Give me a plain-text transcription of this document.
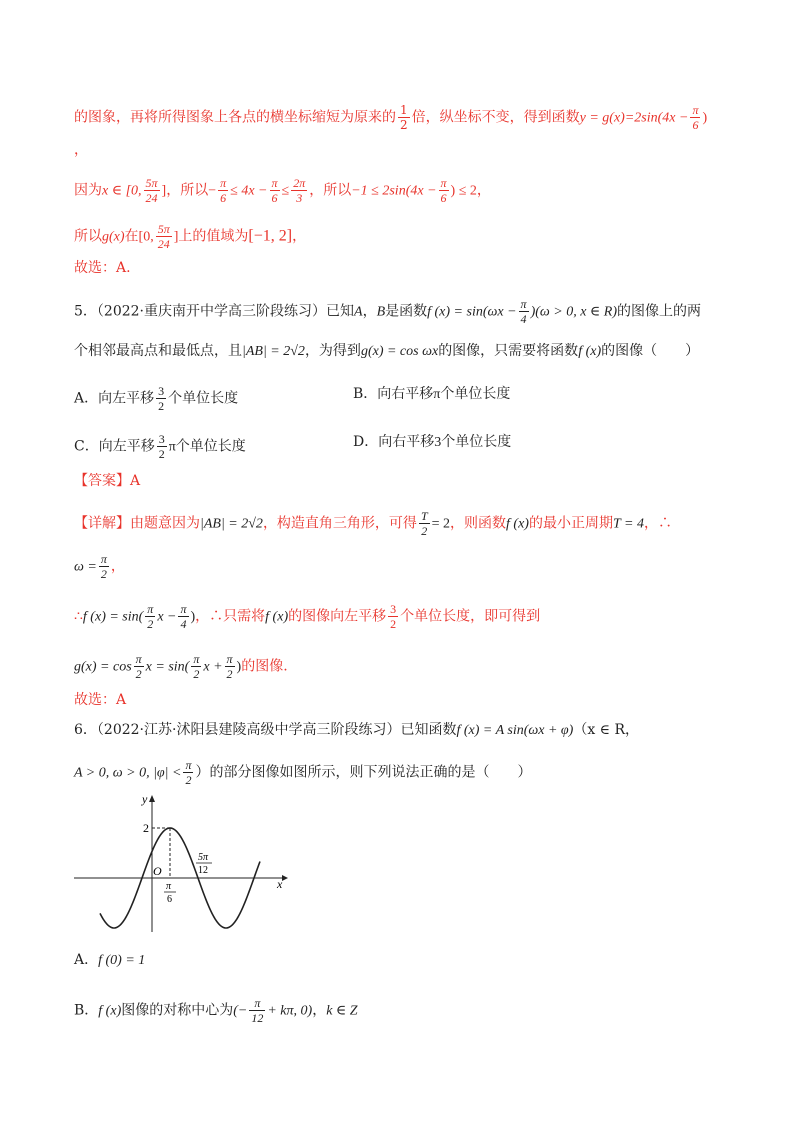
的图象，再将所得图象上各点的横坐标缩短为原来的 $\frac{1}{2}$ 倍，纵坐标不变，得到函数$y = g(x)=2\sin(4x - \frac{\pi}{6}$ )
，
因为x ∈ [0, $\frac{5\pi}{24}$ ]，所以− $\frac{\pi}{6} \le 4x - \frac{\pi}{6} \le \frac{2\pi}{3}$ ，所以$-1 \le 2\sin(4x - \frac{\pi}{6}$ ) ≤ 2，
所以g(x)在[0, $\frac{5\pi}{24}$ ]上的值域为[−1, 2]，
故选：A.
5．（2022·重庆南开中学高三阶段练习）已知A，B是函数f $(x) = \sin(\omega x - \frac{\pi}{4} )(\omega > 0$, x ∈ R)的图像上的两
个相邻最高点和最低点，且|AB| = 2√2，为得到g(x) = cos ωx的图像，只需要将函数f (x)的图像（　　）
A．向左平移 $\frac{3}{2}$ 个单位长度	B．向右平移π个单位长度
C．向左平移 $\frac{3}{2}$ π个单位长度	D．向右平移3个单位长度
【答案】A
【详解】由题意因为|AB| = 2√2，构造直角三角形，可得 $\frac{T}{2} = 2$，则函数f (x)的最小正周期T = 4，∴
$\omega = \frac{\pi}{2}$ ，
∴f $(x) = \sin( \frac{\pi}{2}$ $x - \frac{\pi}{4}$ )，∴只需将f (x)的图像向左平移 $\frac{3}{2}$ 个单位长度，即可得到
$g(x) = \cos \frac{\pi}{2}$ $x = \sin( \frac{\pi}{2}$ $x + \frac{\pi}{2}$ )的图像.
故选：A
6．（2022·江苏·沭阳县建陵高级中学高三阶段练习）已知函数f (x) = A sin(ωx + φ)（x ∈ R，
A > 0, ω > 0, $|\varphi| < \frac{\pi}{2}$ ）的部分图像如图所示，则下列说法正确的是（　　）
y
x
O
2
π
6
5π
12
A．f (0) = 1
B．f (x)图像的对称中心为(− $\frac{\pi}{12} + k\pi$, 0)，k ∈ Z
